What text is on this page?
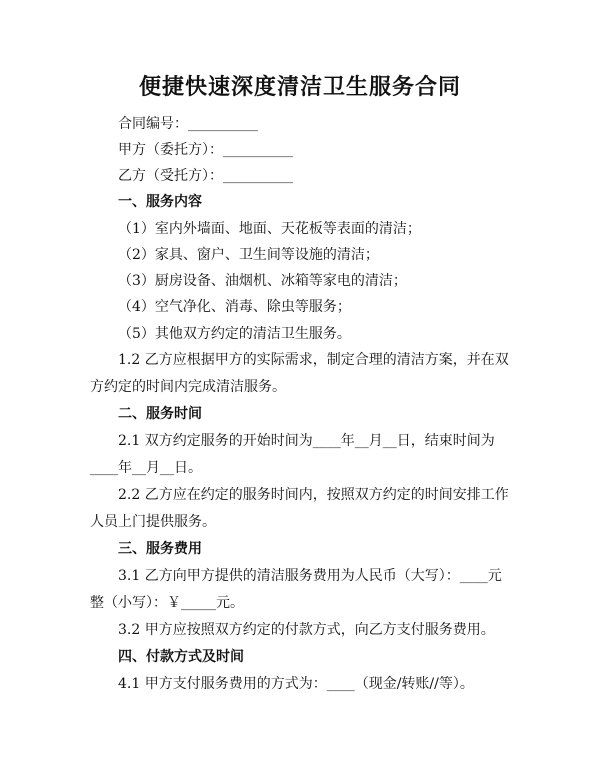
便捷快速深度清洁卫生服务合同
合同编号：__________
甲方（委托方）：__________
乙方（受托方）：__________
一、服务内容
（1）室内外墙面、地面、天花板等表面的清洁；
（2）家具、窗户、卫生间等设施的清洁；
（3）厨房设备、油烟机、冰箱等家电的清洁；
（4）空气净化、消毒、除虫等服务；
（5）其他双方约定的清洁卫生服务。
1.2 乙方应根据甲方的实际需求，制定合理的清洁方案，并在双
方约定的时间内完成清洁服务。
二、服务时间
2.1 双方约定服务的开始时间为____年__月__日，结束时间为
____年__月__日。
2.2 乙方应在约定的服务时间内，按照双方约定的时间安排工作
人员上门提供服务。
三、服务费用
3.1 乙方向甲方提供的清洁服务费用为人民币（大写）：____元
整（小写）：￥_____元。
3.2 甲方应按照双方约定的付款方式，向乙方支付服务费用。
四、付款方式及时间
4.1 甲方支付服务费用的方式为：____（现金/转账//等）。
